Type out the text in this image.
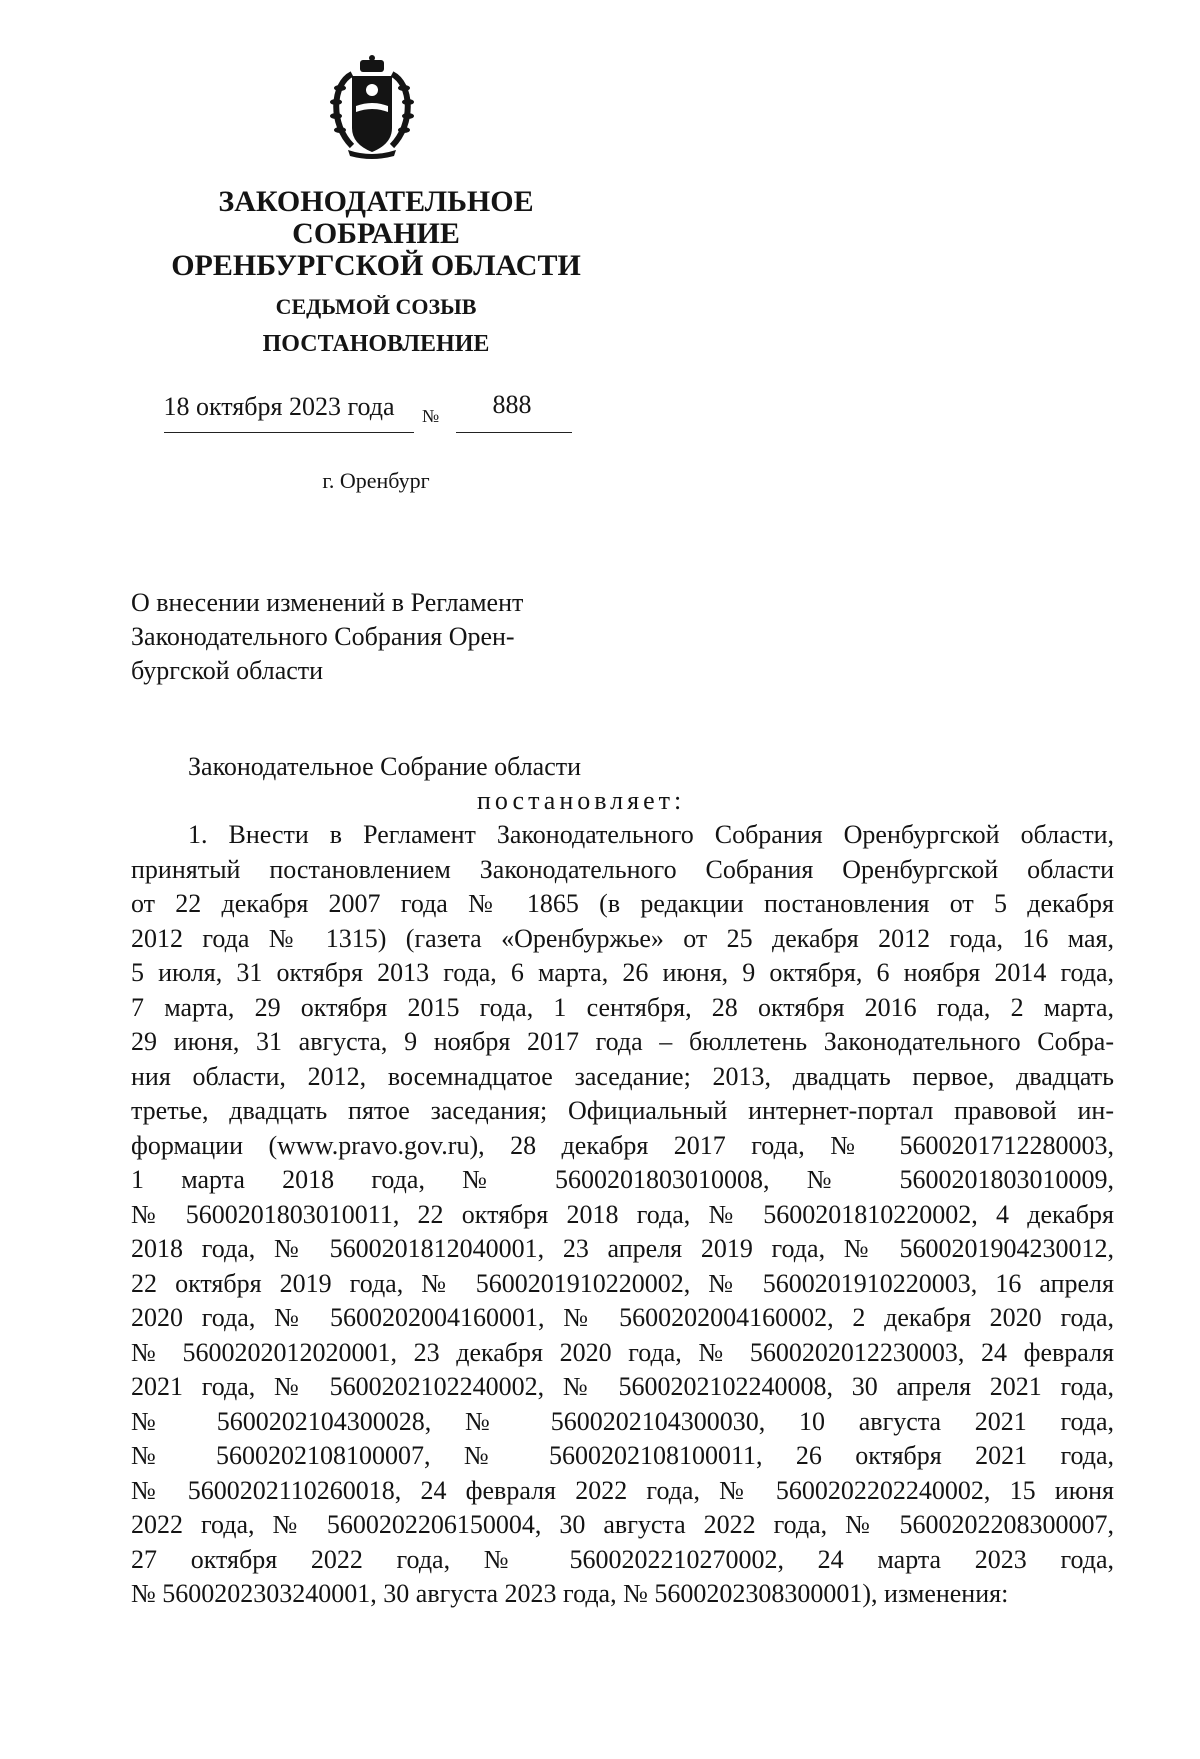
ЗАКОНОДАТЕЛЬНОЕ
СОБРАНИЕ
ОРЕНБУРГСКОЙ ОБЛАСТИ
СЕДЬМОЙ СОЗЫВ
ПОСТАНОВЛЕНИЕ
18 октября 2023 года	№	888
г. Оренбург
О внесении изменений в Регламент
Законодательного Собрания Орен-
бургской области
Законодательное Собрание области
постановляет:
1. Внести в Регламент Законодательного Собрания Оренбургской области,
принятый постановлением Законодательного Собрания Оренбургской области
от 22 декабря 2007 года № 1865 (в редакции постановления от 5 декабря
2012 года № 1315) (газета «Оренбуржье» от 25 декабря 2012 года, 16 мая,
5 июля, 31 октября 2013 года, 6 марта, 26 июня, 9 октября, 6 ноября 2014 года,
7 марта, 29 октября 2015 года, 1 сентября, 28 октября 2016 года, 2 марта,
29 июня, 31 августа, 9 ноября 2017 года – бюллетень Законодательного Собра-
ния области, 2012, восемнадцатое заседание; 2013, двадцать первое, двадцать
третье, двадцать пятое заседания; Официальный интернет-портал правовой ин-
формации (www.pravo.gov.ru), 28 декабря 2017 года, № 5600201712280003,
1 марта 2018 года, № 5600201803010008, № 5600201803010009,
№ 5600201803010011, 22 октября 2018 года, № 5600201810220002, 4 декабря
2018 года, № 5600201812040001, 23 апреля 2019 года, № 5600201904230012,
22 октября 2019 года, № 5600201910220002, № 5600201910220003, 16 апреля
2020 года, № 5600202004160001, № 5600202004160002, 2 декабря 2020 года,
№ 5600202012020001, 23 декабря 2020 года, № 5600202012230003, 24 февраля
2021 года, № 5600202102240002, № 5600202102240008, 30 апреля 2021 года,
№ 5600202104300028, № 5600202104300030, 10 августа 2021 года,
№ 5600202108100007, № 5600202108100011, 26 октября 2021 года,
№ 5600202110260018, 24 февраля 2022 года, № 5600202202240002, 15 июня
2022 года, № 5600202206150004, 30 августа 2022 года, № 5600202208300007,
27 октября 2022 года, № 5600202210270002, 24 марта 2023 года,
№ 5600202303240001, 30 августа 2023 года, № 5600202308300001), изменения:
